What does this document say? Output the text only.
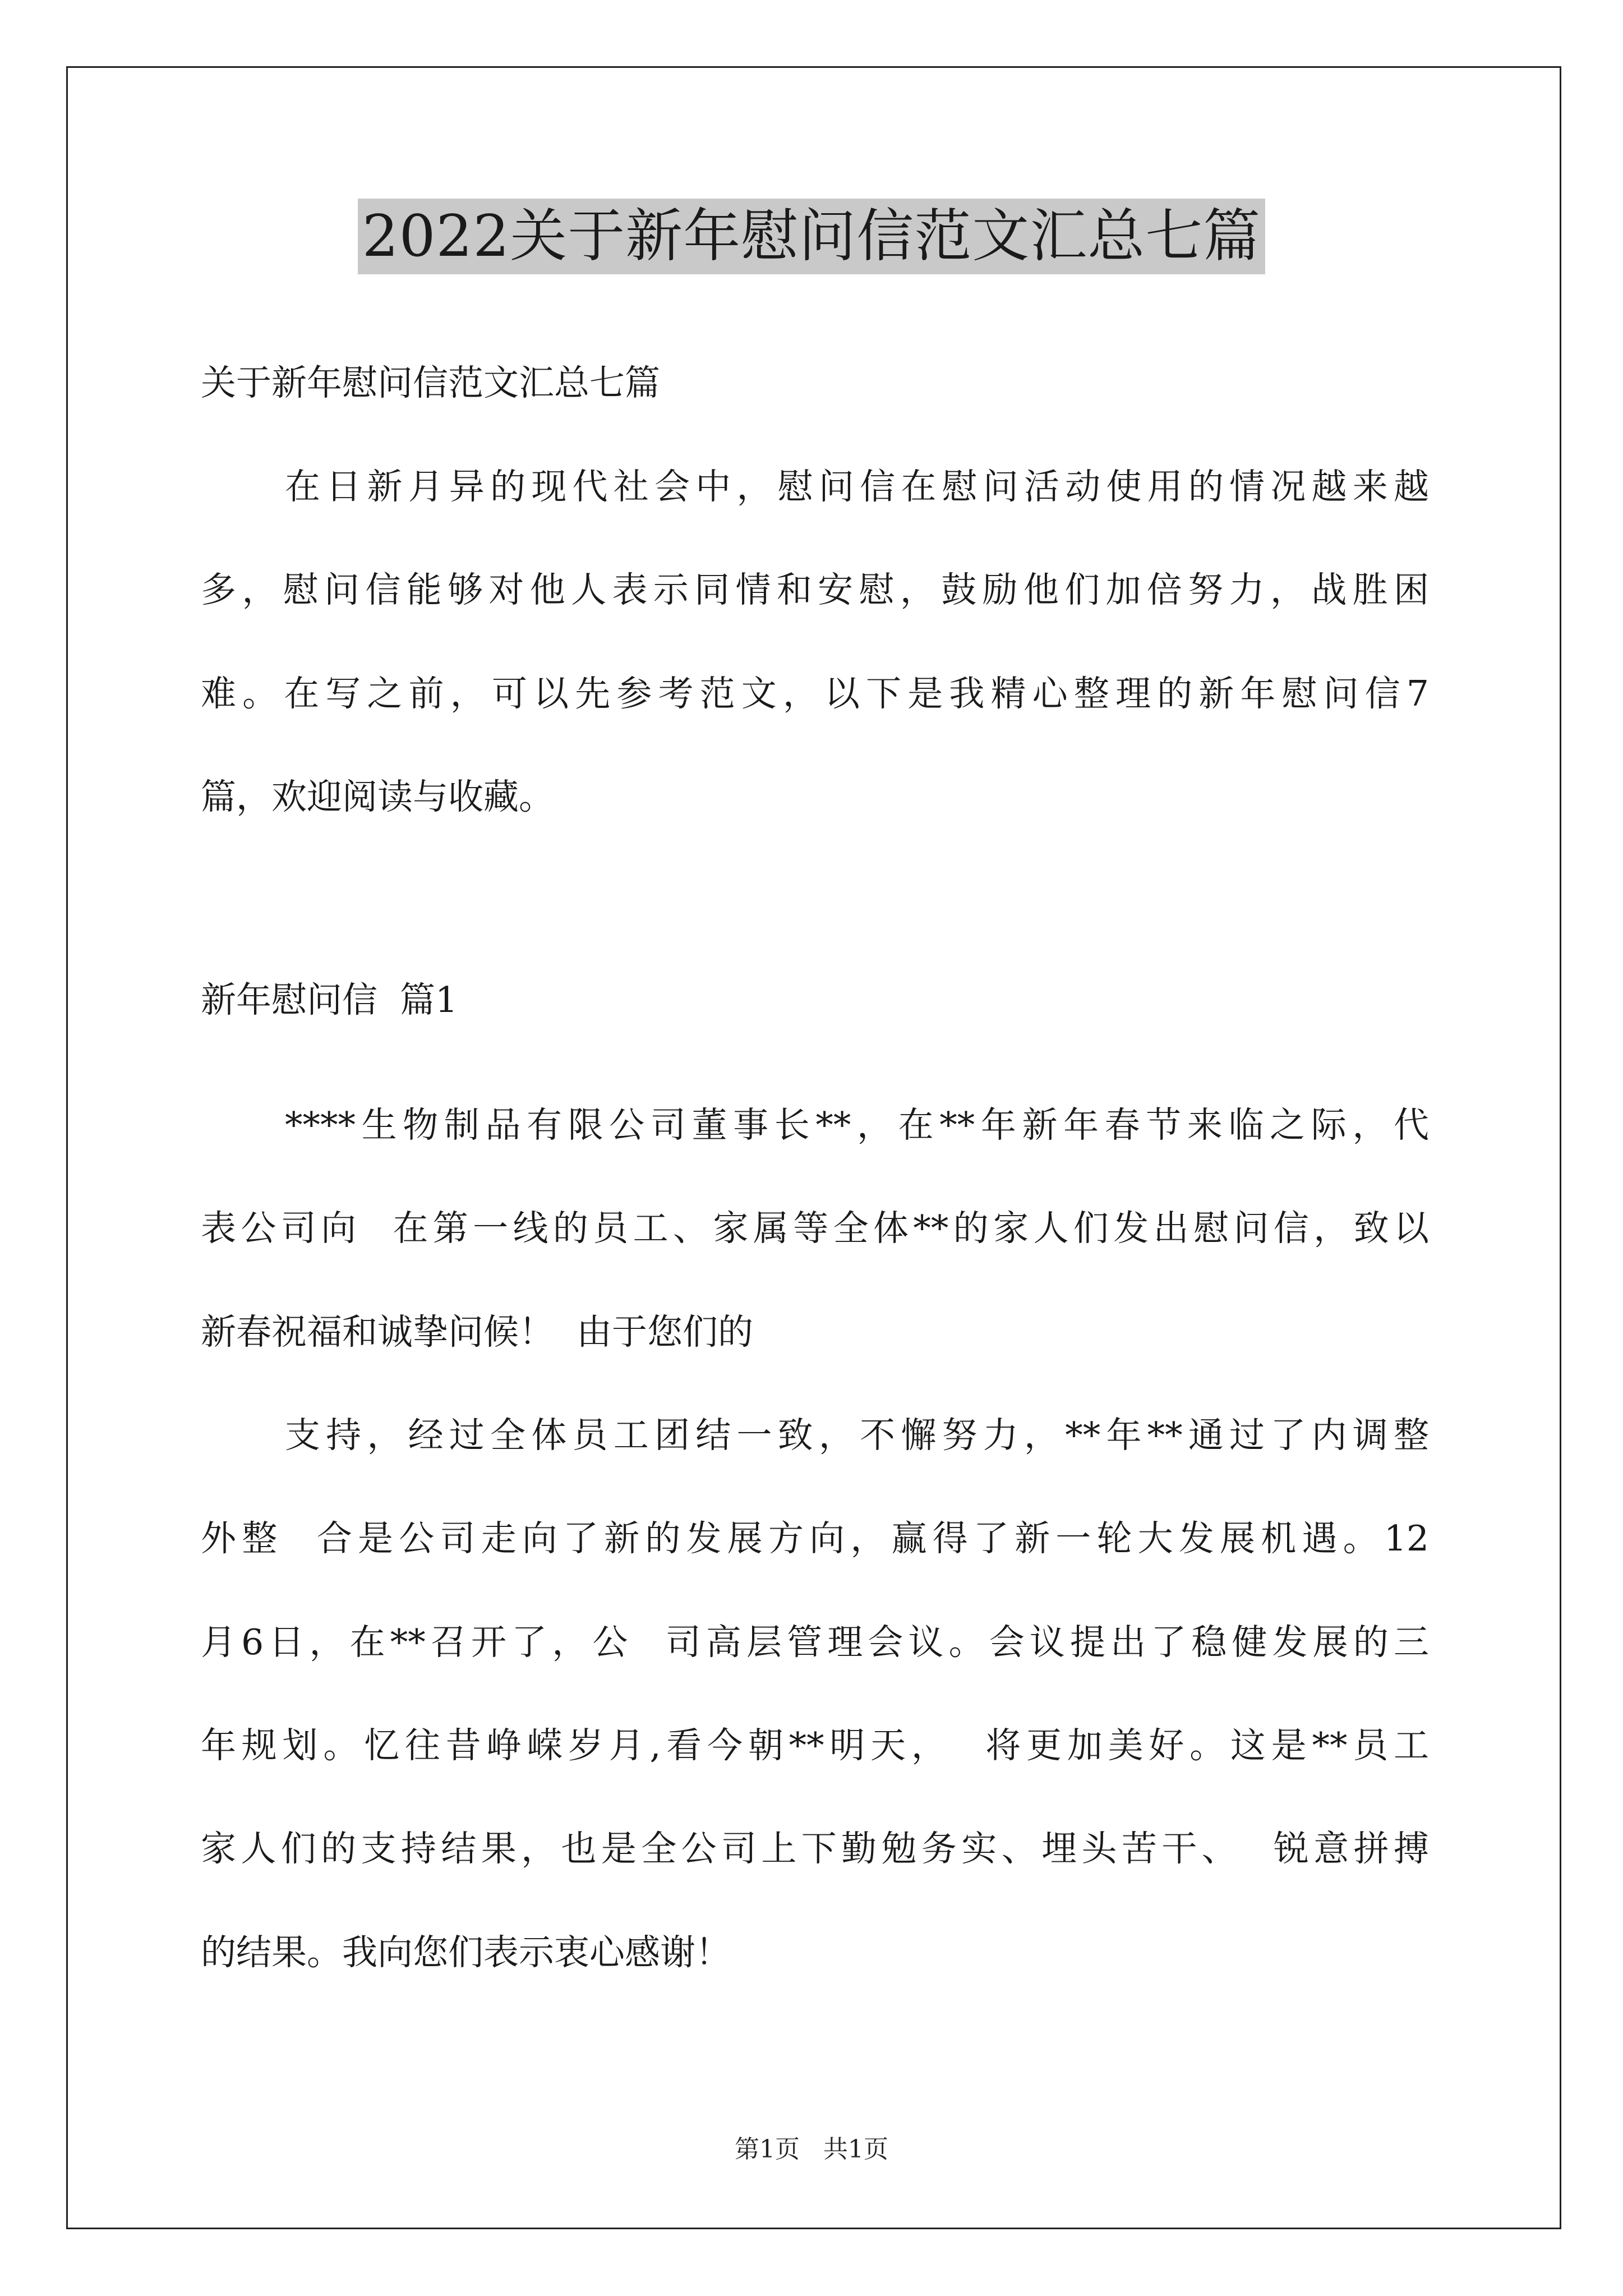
2022关于新年慰问信范文汇总七篇
关于新年慰问信范文汇总七篇
在日新月异的现代社会中，慰问信在慰问活动使用的情况越来越
多，慰问信能够对他人表示同情和安慰，鼓励他们加倍努力，战胜困
难。在写之前，可以先参考范文，以下是我精心整理的新年慰问信7
篇，欢迎阅读与收藏。
新年慰问信  篇1
****生物制品有限公司董事长**，在**年新年春节来临之际，代
表公司向  在第一线的员工、家属等全体**的家人们发出慰问信，致以
新春祝福和诚挚问候！  由于您们的
支持，经过全体员工团结一致，不懈努力，**年**通过了内调整
外整  合是公司走向了新的发展方向，赢得了新一轮大发展机遇。12
月6日，在**召开了，公  司高层管理会议。会议提出了稳健发展的三
年规划。忆往昔峥嵘岁月,看今朝**明天，  将更加美好。这是**员工
家人们的支持结果，也是全公司上下勤勉务实、埋头苦干、  锐意拼搏
的结果。我向您们表示衷心感谢！
第1页   共1页
